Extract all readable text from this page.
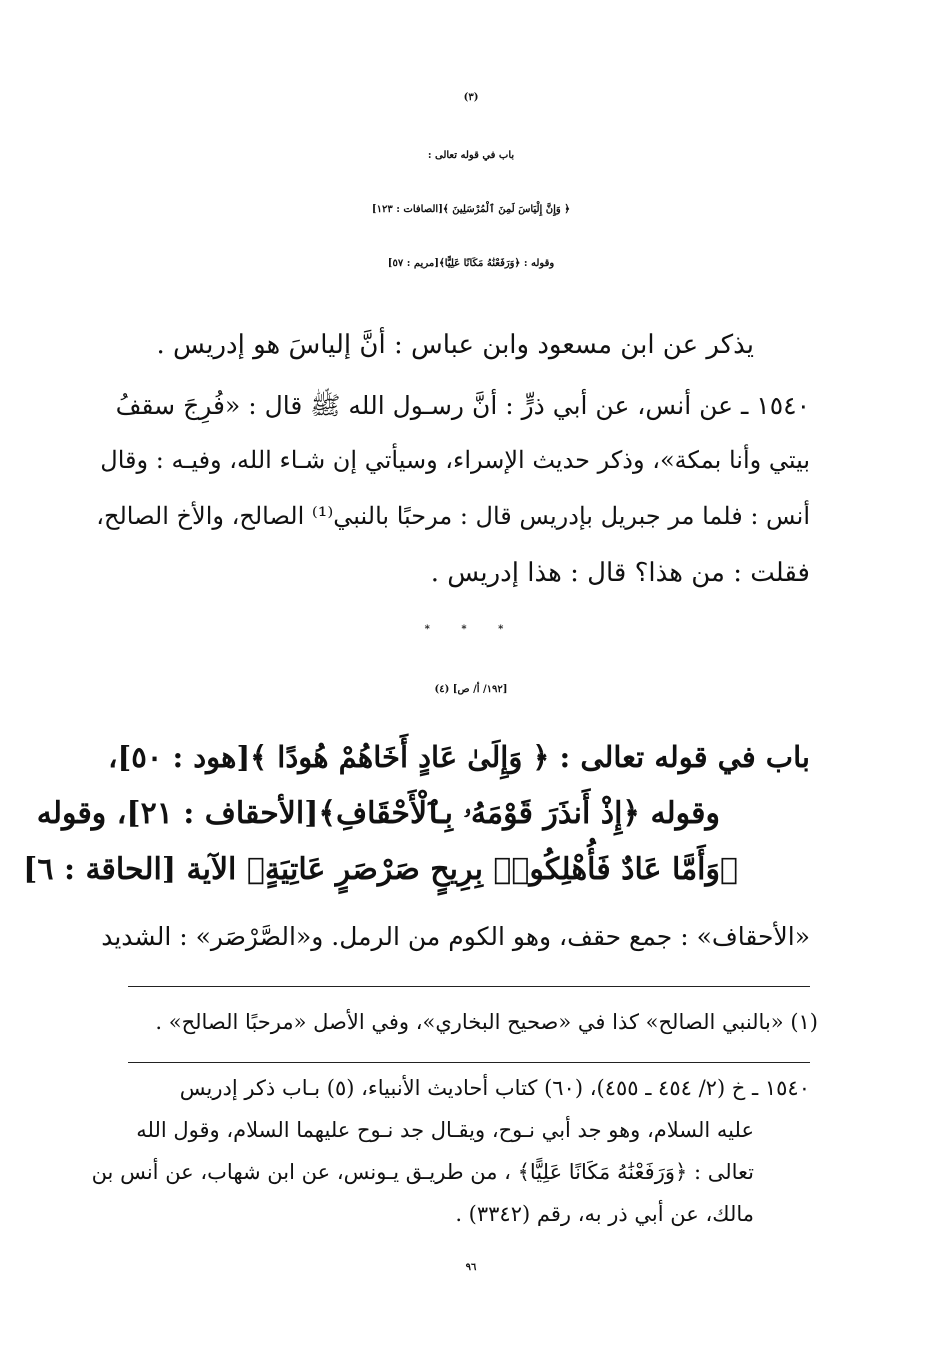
(٣)
باب في قوله تعالى :
﴿ وَإِنَّ إِلْيَاسَ لَمِنَ ٱلْمُرْسَلِينَ ﴾[الصافات : ١٢٣]
وقوله : ﴿وَرَفَعْنَٰهُ مَكَانًا عَلِيًّا﴾[مريم : ٥٧]
يذكر عن ابن مسعود وابن عباس : أنَّ إلياسَ هو إدريس .
١٥٤٠ ـ عن أنس، عن أبي ذرٍّ : أنَّ رسـول الله ﷺ قال : «فُرِجَ سقفُ
بيتي وأنا بمكة»، وذكر حديث الإسراء، وسيأتي إن شـاء الله، وفيـه : وقال
أنس : فلما مر جبريل بإدريس قال : مرحبًا بالنبي⁽¹⁾ الصالح، والأخ الصالح،
فقلت : من هذا؟ قال : هذا إدريس .
* * *
[١٩٢/ أ/ ص] (٤)
باب في قوله تعالى : ﴿ وَإِلَىٰ عَادٍ أَخَاهُمْ هُودًا ﴾[هود : ٥٠]،
وقوله ﴿إِذْ أَنذَرَ قَوْمَهُۥ بِٱلْأَحْقَافِ﴾[الأحقاف : ٢١]، وقوله
﴿وَأَمَّا عَادٌ فَأُهْلِكُوا۟ بِرِيحٍ صَرْصَرٍ عَاتِيَةٍ﴾ الآية [الحاقة : ٦]
«الأحقاف» : جمع حقف، وهو الكوم من الرمل. و«الصَّرْصَر» : الشديد
(١) «بالنبي الصالح» كذا في «صحيح البخاري»، وفي الأصل «مرحبًا الصالح» .
١٥٤٠ ـ خ (٢/ ٤٥٤ ـ ٤٥٥)، (٦٠) كتاب أحاديث الأنبياء، (٥) بـاب ذكر إدريس
عليه السلام، وهو جد أبي نـوح، ويقـال جد نـوح عليهما السلام، وقول الله
تعالى : ﴿وَرَفَعْنَٰهُ مَكَانًا عَلِيًّا﴾ ، من طريـق يـونس، عن ابن شهاب، عن أنس بن
مالك، عن أبي ذر به، رقم (٣٣٤٢) .
٩٦
